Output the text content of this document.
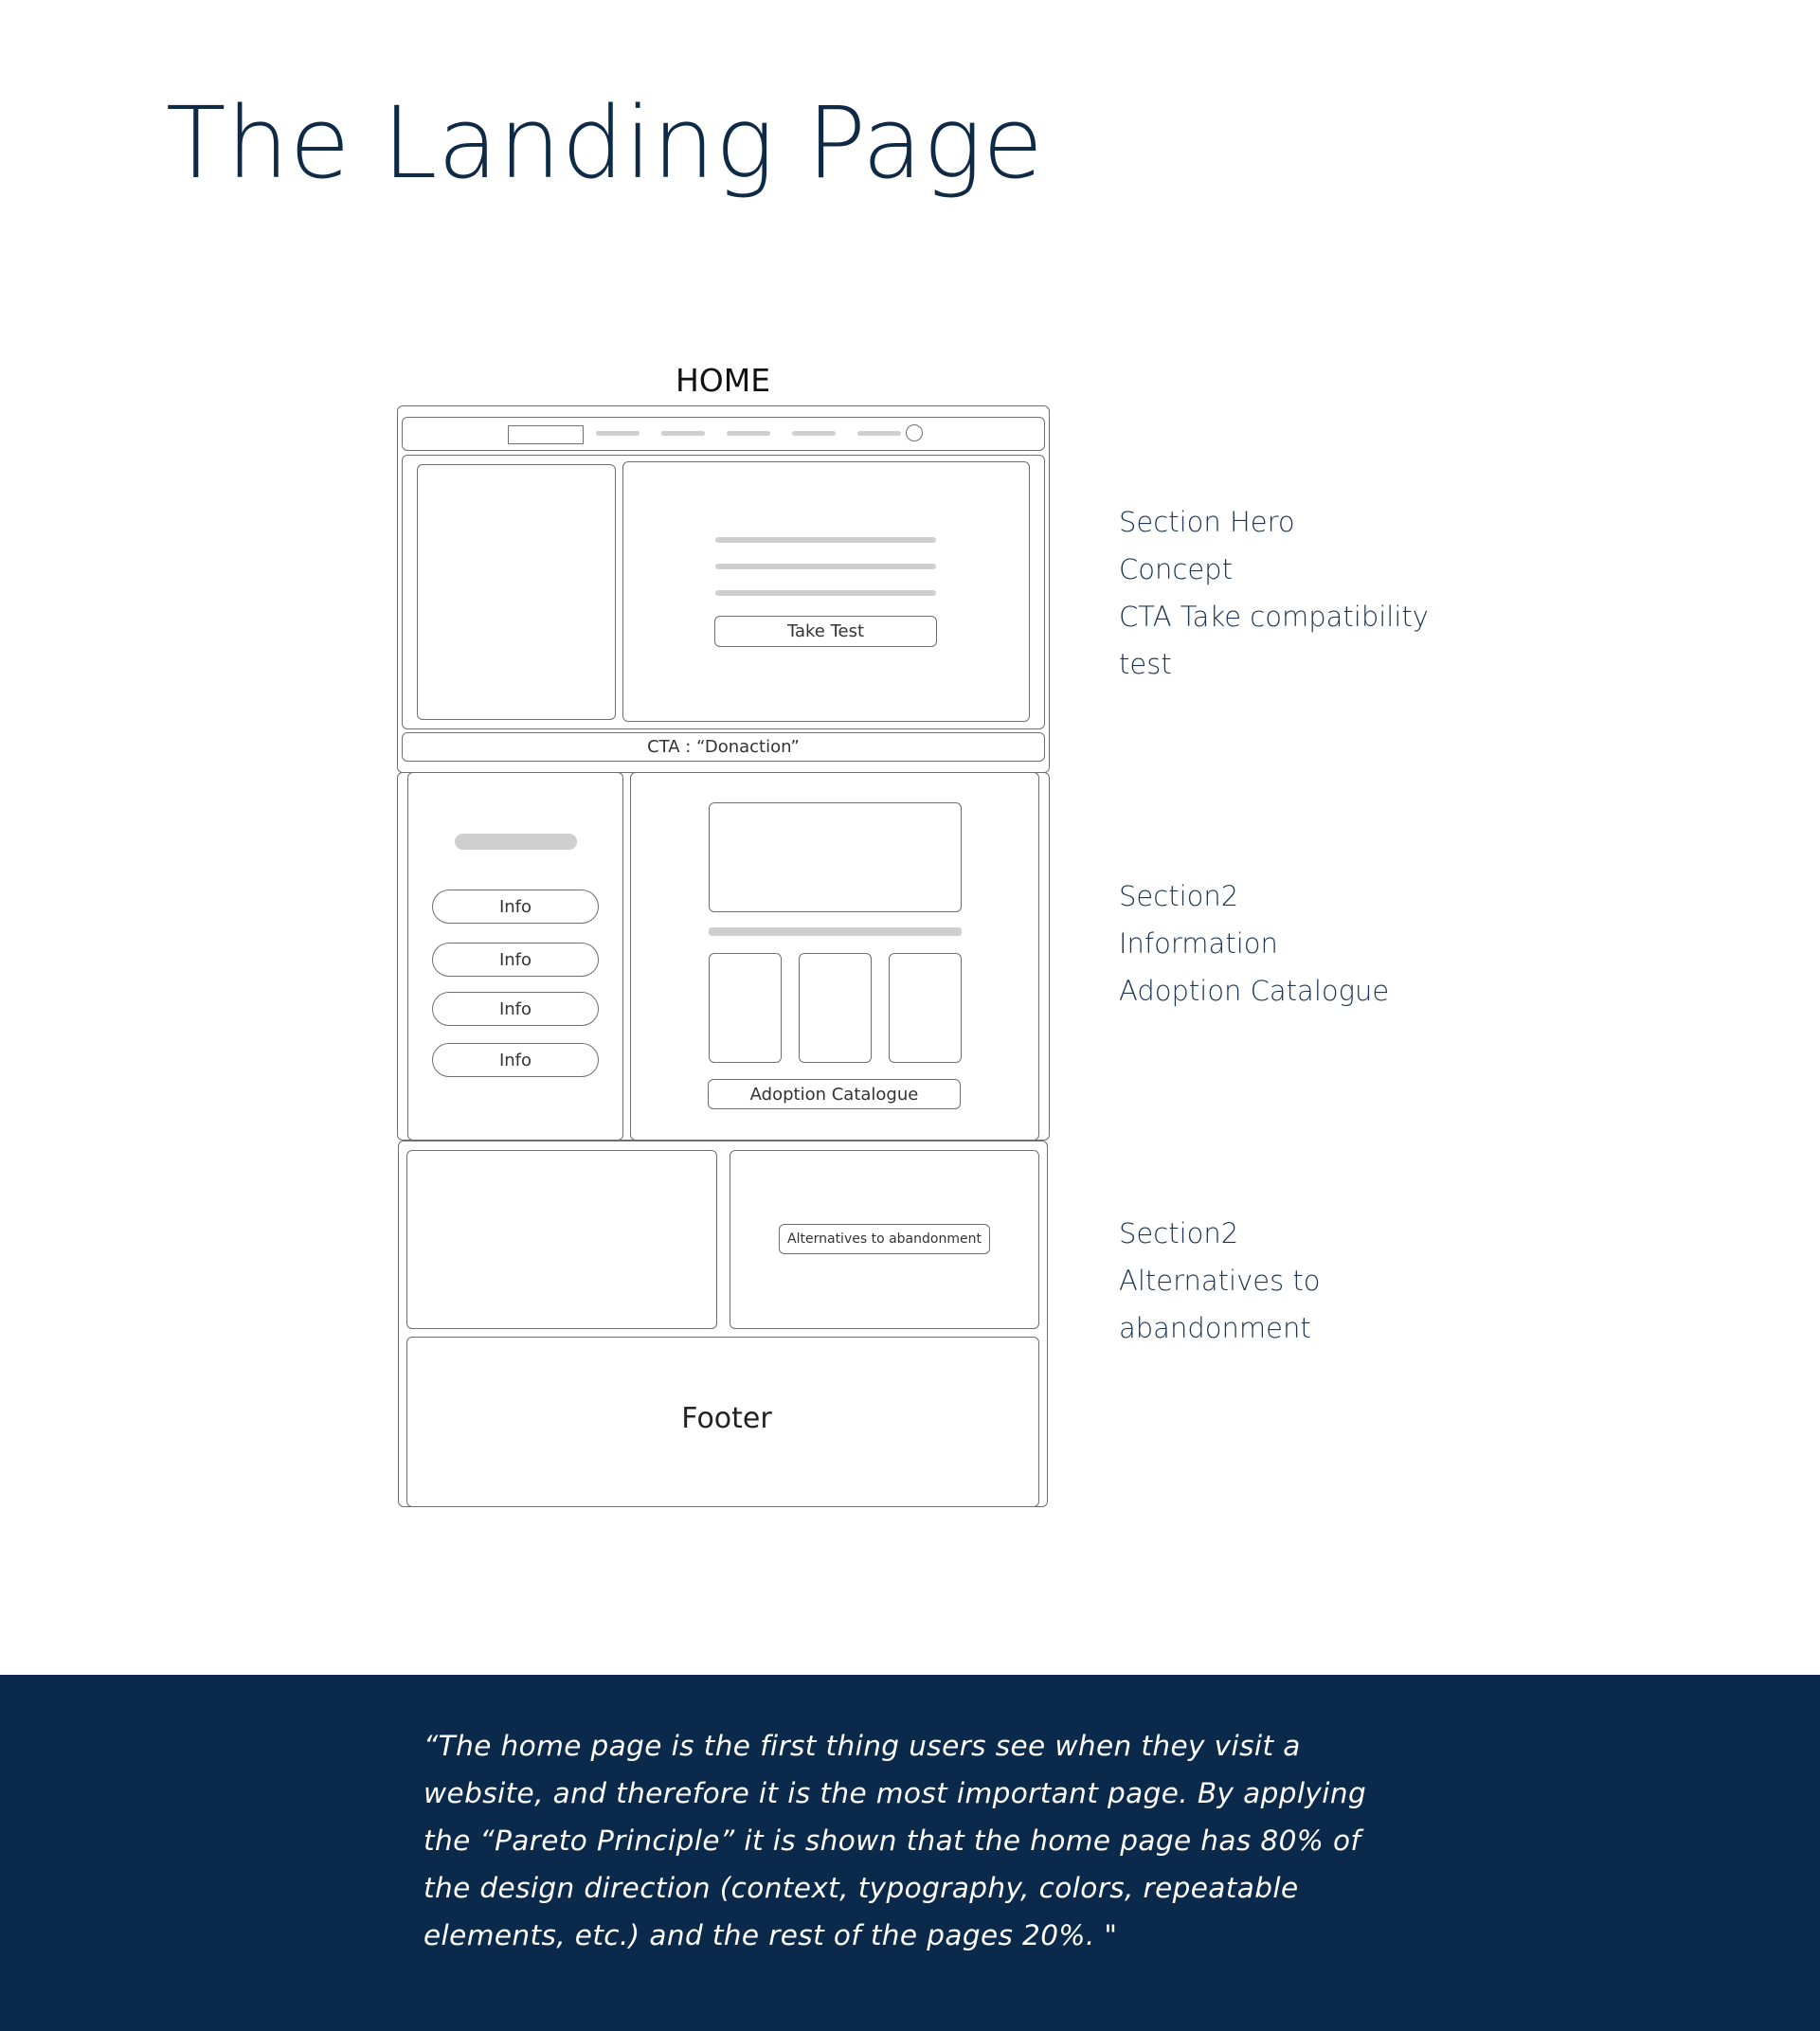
The Landing Page
HOME
Take Test
CTA : “Donaction”
Info
Info
Info
Info
Adoption Catalogue
Alternatives to abandonment
Footer
Section Hero
Concept
CTA Take compatibility
test
Section2
Information
Adoption Catalogue
Section2
Alternatives to
abandonment

“The home page is the first thing users see when they visit a website, and therefore it is the most important page. By applying the “Pareto Principle” it is shown that the home page has 80% of the design direction (context, typography, colors, repeatable elements, etc.) and the rest of the pages 20%. "
